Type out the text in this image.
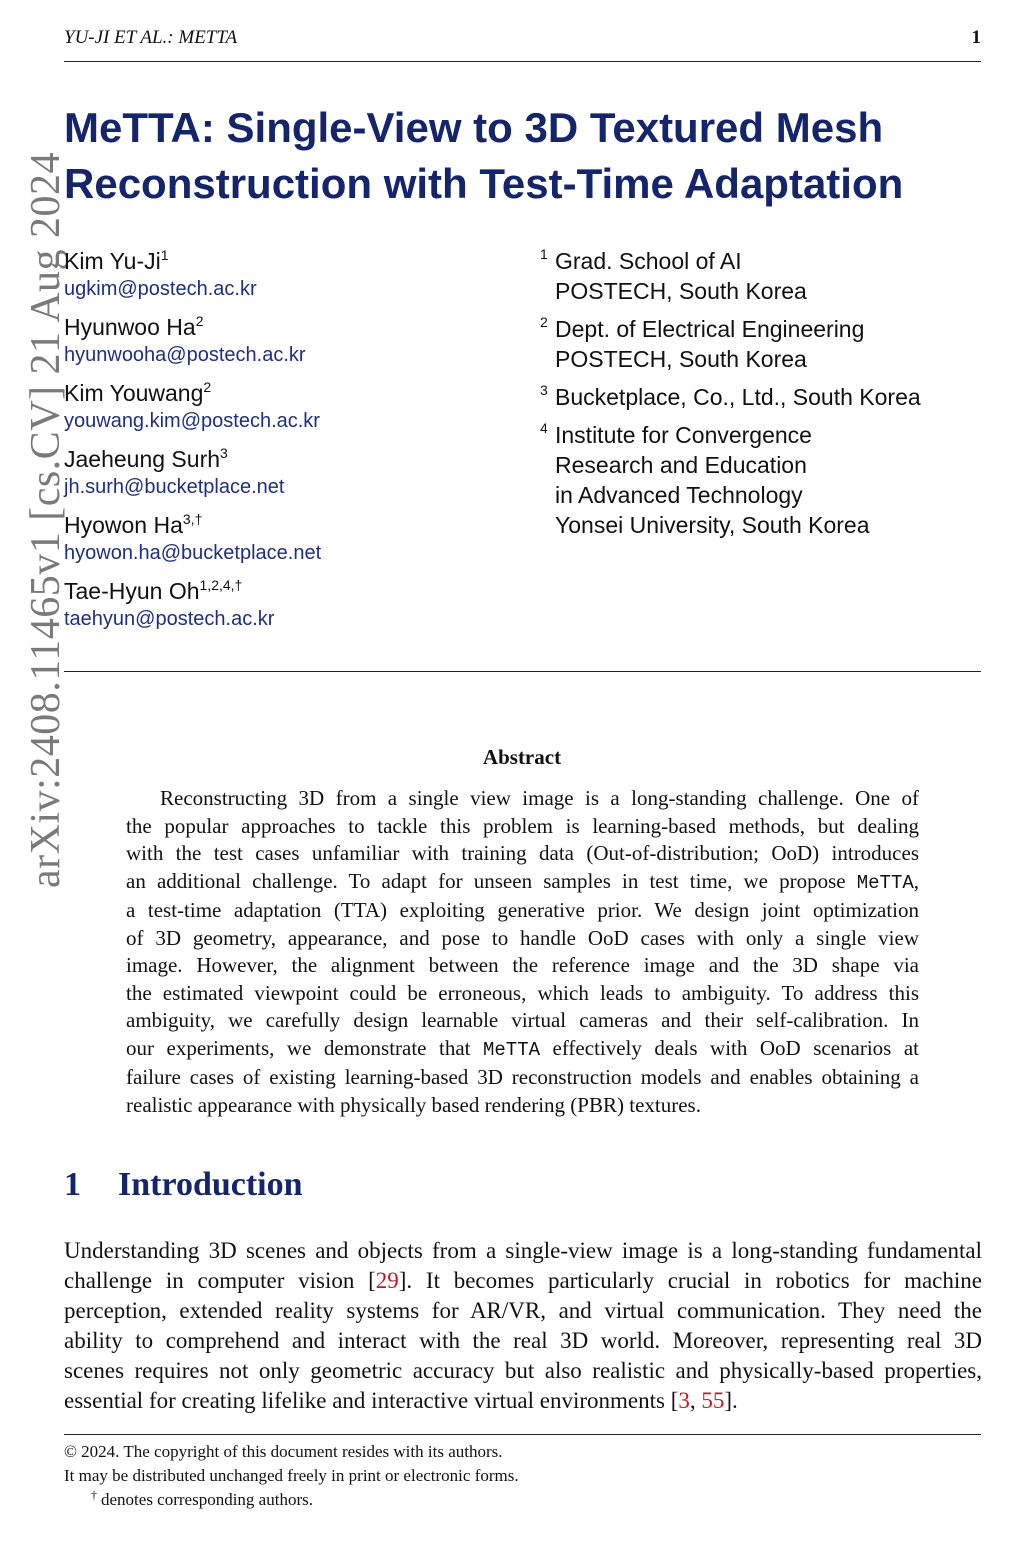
YU-JI ET AL.: METTA	1
arXiv:2408.11465v1 [cs.CV] 21 Aug 2024
MeTTA: Single-View to 3D Textured Mesh
Reconstruction with Test-Time Adaptation
Kim Yu-Ji$^1$
ugkim@postech.ac.kr
Hyunwoo Ha$^2$
hyunwooha@postech.ac.kr
Kim Youwang$^2$
youwang.kim@postech.ac.kr
Jaeheung Surh$^3$
jh.surh@bucketplace.net
Hyowon $Ha^{3,\dagger}$
hyowon.ha@bucketplace.net
Tae-Hyun $Oh^{1,2,4,\dagger}$
taehyun@postech.ac.kr
1 Grad. School of AI
POSTECH, South Korea
2 Dept. of Electrical Engineering
POSTECH, South Korea
3 Bucketplace, Co., Ltd., South Korea
4 Institute for Convergence
Research and Education
in Advanced Technology
Yonsei University, South Korea
Abstract
Reconstructing 3D from a single view image is a long-standing challenge. One of
the popular approaches to tackle this problem is learning-based methods, but dealing
with the test cases unfamiliar with training data (Out-of-distribution; OoD) introduces
an additional challenge. To adapt for unseen samples in test time, we propose MeTTA,
a test-time adaptation (TTA) exploiting generative prior. We design joint optimization
of 3D geometry, appearance, and pose to handle OoD cases with only a single view
image. However, the alignment between the reference image and the 3D shape via
the estimated viewpoint could be erroneous, which leads to ambiguity. To address this
ambiguity, we carefully design learnable virtual cameras and their self-calibration. In
our experiments, we demonstrate that MeTTA effectively deals with OoD scenarios at
failure cases of existing learning-based 3D reconstruction models and enables obtaining a
realistic appearance with physically based rendering (PBR) textures.
1 Introduction
Understanding 3D scenes and objects from a single-view image is a long-standing fundamental
challenge in computer vision [29]. It becomes particularly crucial in robotics for machine
perception, extended reality systems for AR/VR, and virtual communication. They need the
ability to comprehend and interact with the real 3D world. Moreover, representing real 3D
scenes requires not only geometric accuracy but also realistic and physically-based properties,
essential for creating lifelike and interactive virtual environments [3, 55].
© 2024. The copyright of this document resides with its authors.
It may be distributed unchanged freely in print or electronic forms.
† denotes corresponding authors.
